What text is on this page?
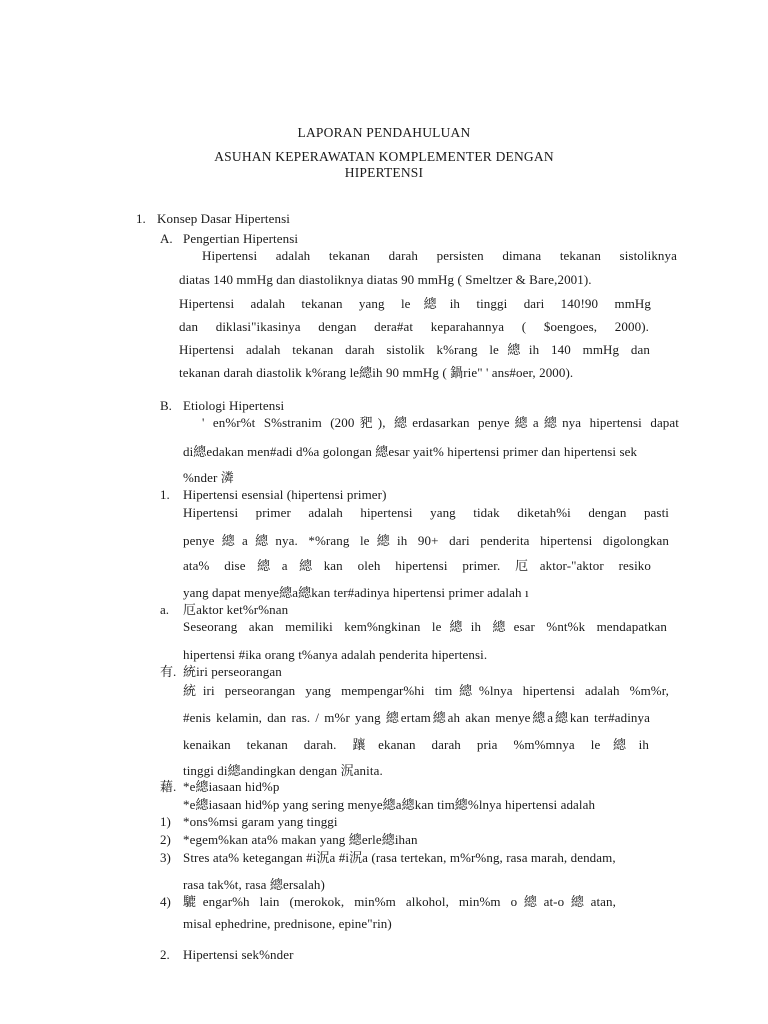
LAPORAN PENDAHULUAN
ASUHAN KEPERAWATAN KOMPLEMENTER DENGAN
HIPERTENSI
1. Konsep Dasar Hipertensi
A. Pengertian Hipertensi
Hipertensi adalah tekanan darah persisten dimana tekanan sistoliknya
diatas 140 mmHg dan diastoliknya diatas 90 mmHg ( Smeltzer & Bare,2001).
Hipertensi adalah tekanan yang le總ih tinggi dari 140!90 mmHg
dan diklasi"ikasinya dengan dera#at keparahannya ( $oengoes, 2000).
Hipertensi adalah tekanan darah sistolik k%rang le總ih 140 mmHg dan
tekanan darah diastolik k%rang le總ih 90 mmHg ( 鍋rie" ' ans#oer, 2000).
B. Etiologi Hipertensi
' en%r%t S%stranim (200豝), 總erdasarkan penye總a總nya hipertensi dapat
di總edakan men#adi d%a golongan 總esar yait% hipertensi primer dan hipertensi sek
%nder 潾
1. Hipertensi esensial (hipertensi primer)
Hipertensi primer adalah hipertensi yang tidak diketah%i dengan pasti
penye總a總nya. *%rang le總ih 90+ dari penderita hipertensi digolongkan
ata% dise總a總kan oleh hipertensi primer. 厄aktor-"aktor resiko
yang dapat menye總a總kan ter#adinya hipertensi primer adalah ı
a. 厄aktor ket%r%nan
Seseorang akan memiliki kem%ngkinan le總ih 總esar %nt%k mendapatkan
hipertensi #ika orang t%anya adalah penderita hipertensi.
有. 統iri perseorangan
統iri perseorangan yang mempengar%hi tim總%lnya hipertensi adalah %m%r,
#enis kelamin, dan ras. / m%r yang 總ertam總ah akan menye總a總kan ter#adinya
kenaikan tekanan darah. 躟ekanan darah pria %m%mnya le總ih
tinggi di總andingkan dengan 泦anita.
藉. *e總iasaan hid%p
*e總iasaan hid%p yang sering menye總a總kan tim總%lnya hipertensi adalah
1) *ons%msi garam yang tinggi
2) *egem%kan ata% makan yang 總erle總ihan
3) Stres ata% ketegangan #i泦a #i泦a (rasa tertekan, m%r%ng, rasa marah, dendam,
rasa tak%t, rasa 總ersalah)
4) 騼engar%h lain (merokok, min%m alkohol, min%m o總at-o總atan,
misal ephedrine, prednisone, epine"rin)
2. Hipertensi sek%nder
